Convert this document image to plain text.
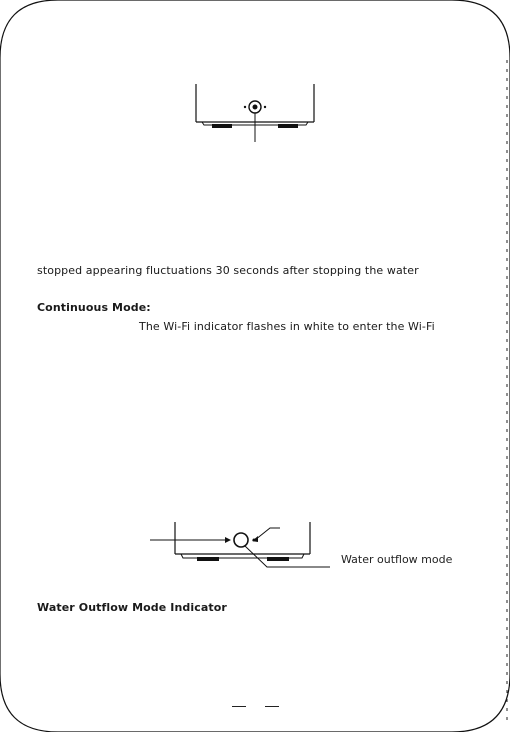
stopped appearing fluctuations 30 seconds after stopping the water
Continuous Mode:
The Wi-Fi indicator flashes in white to enter the Wi-Fi
Water outflow mode
Water Outflow Mode Indicator
